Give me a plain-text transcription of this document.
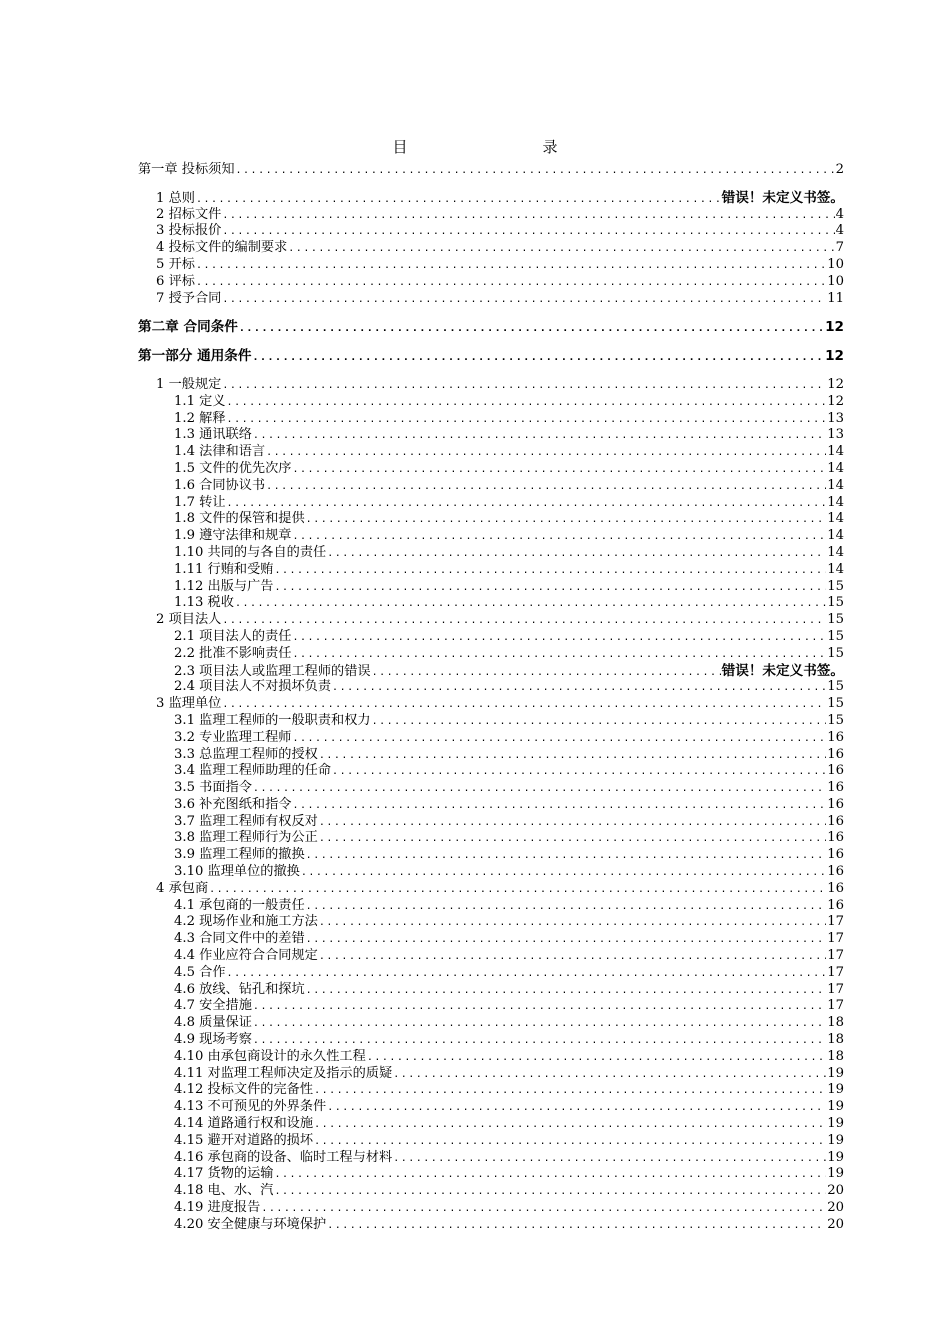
目　录
第一章 投标须知 .....	2
1 总则 .....	错误！未定义书签。
2 招标文件 .....	4
3 投标报价 .....	4
4 投标文件的编制要求 .....	7
5 开标 .....	10
6 评标 .....	10
7 授予合同 .....	11
第二章 合同条件 .....	12
第一部分 通用条件 .....	12
1 一般规定 .....	12
1.1 定义 .....	12
1.2 解释 .....	13
1.3 通讯联络 .....	13
1.4 法律和语言 .....	14
1.5 文件的优先次序 .....	14
1.6 合同协议书 .....	14
1.7 转让 .....	14
1.8 文件的保管和提供 .....	14
1.9 遵守法律和规章 .....	14
1.10 共同的与各自的责任 .....	14
1.11 行贿和受贿 .....	14
1.12 出版与广告 .....	15
1.13 税收 .....	15
2 项目法人 .....	15
2.1 项目法人的责任 .....	15
2.2 批准不影响责任 .....	15
2.3 项目法人或监理工程师的错误 .....	错误！未定义书签。
2.4 项目法人不对损坏负责 .....	15
3 监理单位 .....	15
3.1 监理工程师的一般职责和权力 .....	15
3.2 专业监理工程师 .....	16
3.3 总监理工程师的授权 .....	16
3.4 监理工程师助理的任命 .....	16
3.5 书面指令 .....	16
3.6 补充图纸和指令 .....	16
3.7 监理工程师有权反对 .....	16
3.8 监理工程师行为公正 .....	16
3.9 监理工程师的撤换 .....	16
3.10 监理单位的撤换 .....	16
4 承包商 .....	16
4.1 承包商的一般责任 .....	16
4.2 现场作业和施工方法 .....	17
4.3 合同文件中的差错 .....	17
4.4 作业应符合合同规定 .....	17
4.5 合作 .....	17
4.6 放线、钻孔和探坑 .....	17
4.7 安全措施 .....	17
4.8 质量保证 .....	18
4.9 现场考察 .....	18
4.10 由承包商设计的永久性工程 .....	18
4.11 对监理工程师决定及指示的质疑 .....	19
4.12 投标文件的完备性 .....	19
4.13 不可预见的外界条件 .....	19
4.14 道路通行权和设施 .....	19
4.15 避开对道路的损坏 .....	19
4.16 承包商的设备、临时工程与材料 .....	19
4.17 货物的运输 .....	19
4.18 电、水、汽 .....	20
4.19 进度报告 .....	20
4.20 安全健康与环境保护 .....	20
